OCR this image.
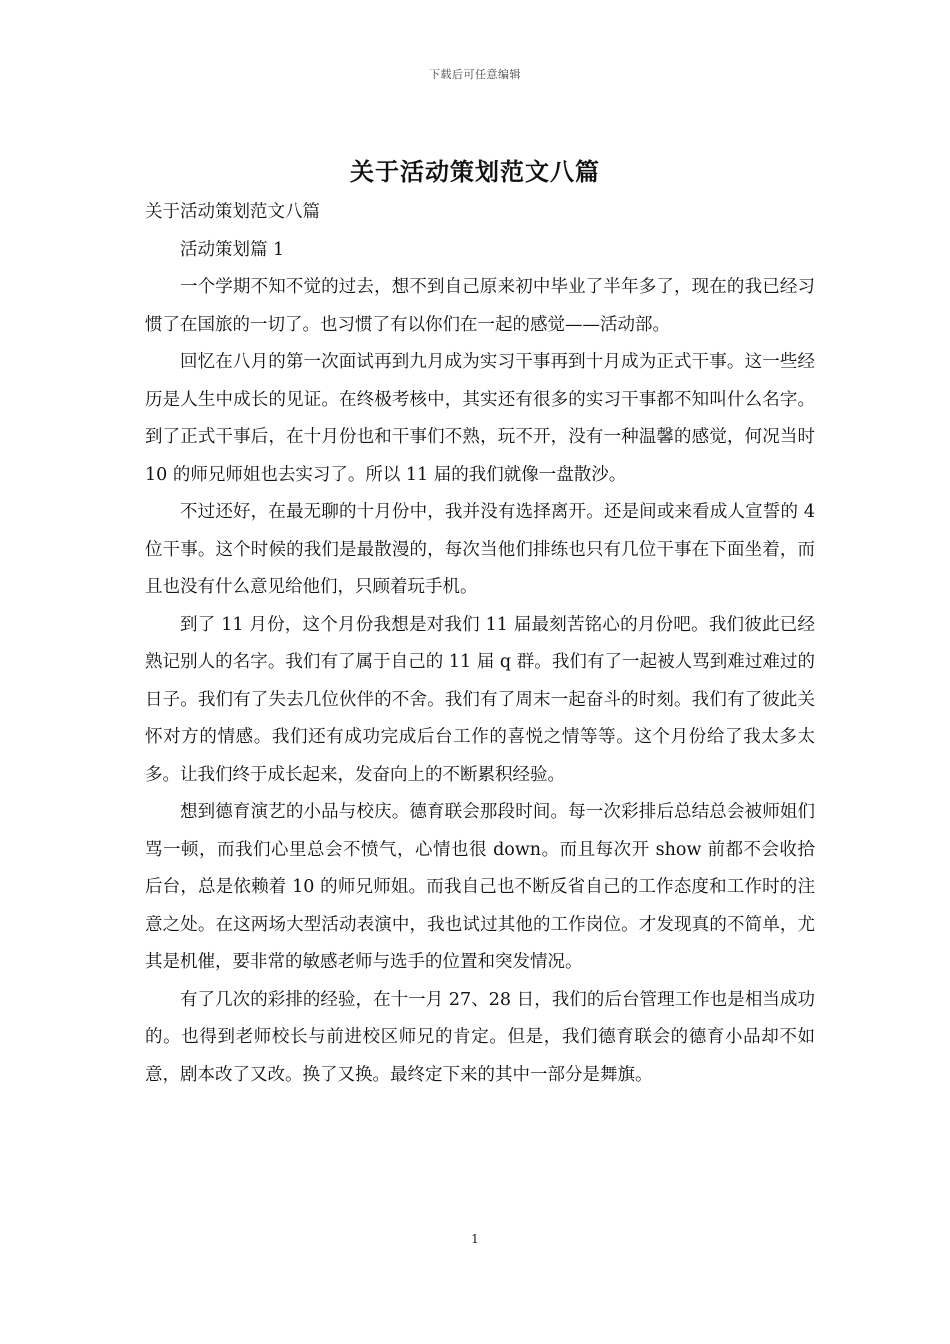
下载后可任意编辑
关于活动策划范文八篇

关于活动策划范文八篇

活动策划篇 1

一个学期不知不觉的过去，想不到自己原来初中毕业了半年多了，现在的我已经习惯了在国旅的一切了。也习惯了有以你们在一起的感觉——活动部。

回忆在八月的第一次面试再到九月成为实习干事再到十月成为正式干事。这一些经历是人生中成长的见证。在终极考核中，其实还有很多的实习干事都不知叫什么名字。到了正式干事后，在十月份也和干事们不熟，玩不开，没有一种温馨的感觉，何况当时 10 的师兄师姐也去实习了。所以 11 届的我们就像一盘散沙。

不过还好，在最无聊的十月份中，我并没有选择离开。还是间或来看成人宣誓的 4 位干事。这个时候的我们是最散漫的，每次当他们排练也只有几位干事在下面坐着，而且也没有什么意见给他们，只顾着玩手机。

到了 11 月份，这个月份我想是对我们 11 届最刻苦铭心的月份吧。我们彼此已经熟记别人的名字。我们有了属于自己的 11 届 q 群。我们有了一起被人骂到难过难过的日子。我们有了失去几位伙伴的不舍。我们有了周末一起奋斗的时刻。我们有了彼此关怀对方的情感。我们还有成功完成后台工作的喜悦之情等等。这个月份给了我太多太多。让我们终于成长起来，发奋向上的不断累积经验。

想到德育演艺的小品与校庆。德育联会那段时间。每一次彩排后总结总会被师姐们骂一顿，而我们心里总会不愤气，心情也很 down。而且每次开 show 前都不会收拾后台，总是依赖着 10 的师兄师姐。而我自己也不断反省自己的工作态度和工作时的注意之处。在这两场大型活动表演中，我也试过其他的工作岗位。才发现真的不简单，尤其是机催，要非常的敏感老师与选手的位置和突发情况。

有了几次的彩排的经验，在十一月 27、28 日，我们的后台管理工作也是相当成功的。也得到老师校长与前进校区师兄的肯定。但是，我们德育联会的德育小品却不如意，剧本改了又改。换了又换。最终定下来的其中一部分是舞旗。

1
